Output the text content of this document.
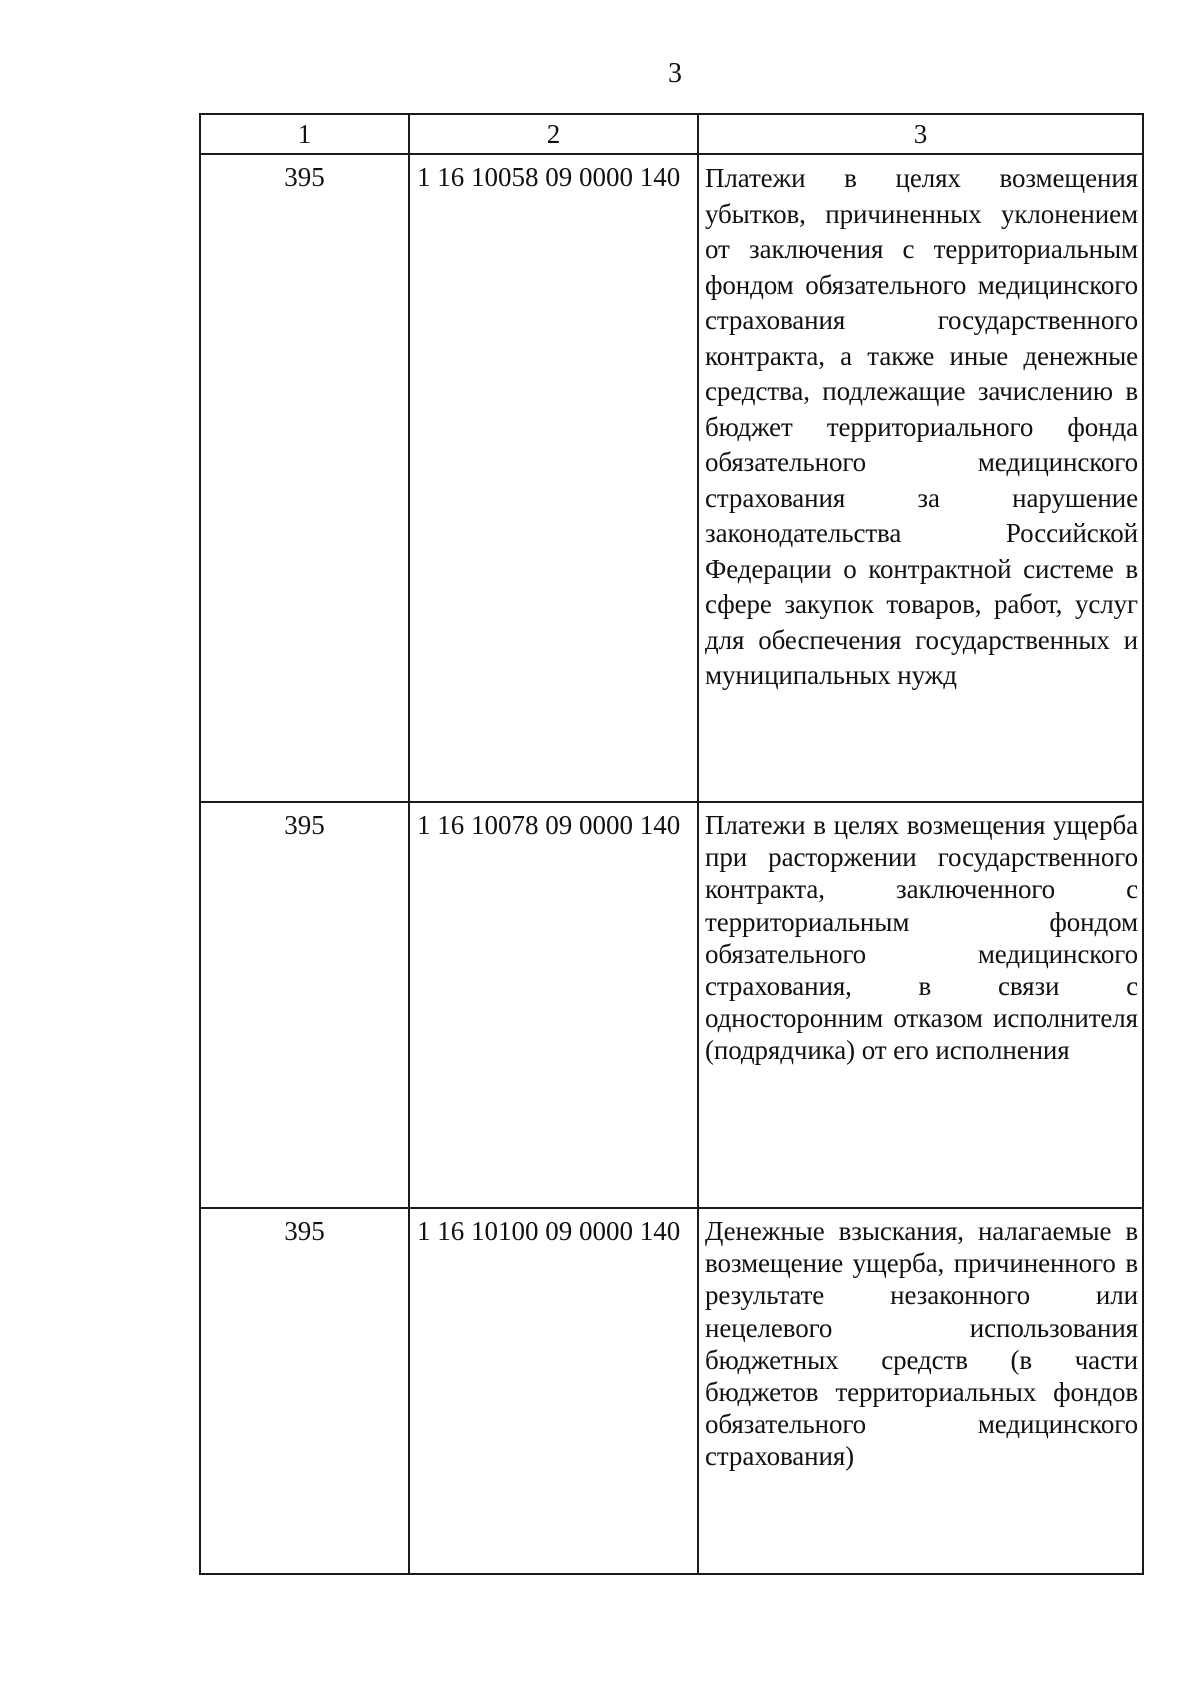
3
1	2	3
395	1 16 10058 09 0000 140	Платежи в целях возмещения убытков, причиненных уклонением от заключения с территориальным фондом обязательного медицинского страхования государственного контракта, а также иные денежные средства, подлежащие зачислению в бюджет территориального фонда обязательного медицинского страхования за нарушение законодательства Российской Федерации о контрактной системе в сфере закупок товаров, работ, услуг для обеспечения государственных и муниципальных нужд
395	1 16 10078 09 0000 140	Платежи в целях возмещения ущерба при расторжении государственного контракта, заключенного с территориальным фондом обязательного медицинского страхования, в связи с односторонним отказом исполнителя (подрядчика) от его исполнения
395	1 16 10100 09 0000 140	Денежные взыскания, налагаемые в возмещение ущерба, причиненного в результате незаконного или нецелевого использования бюджетных средств (в части бюджетов территориальных фондов обязательного медицинского страхования)
